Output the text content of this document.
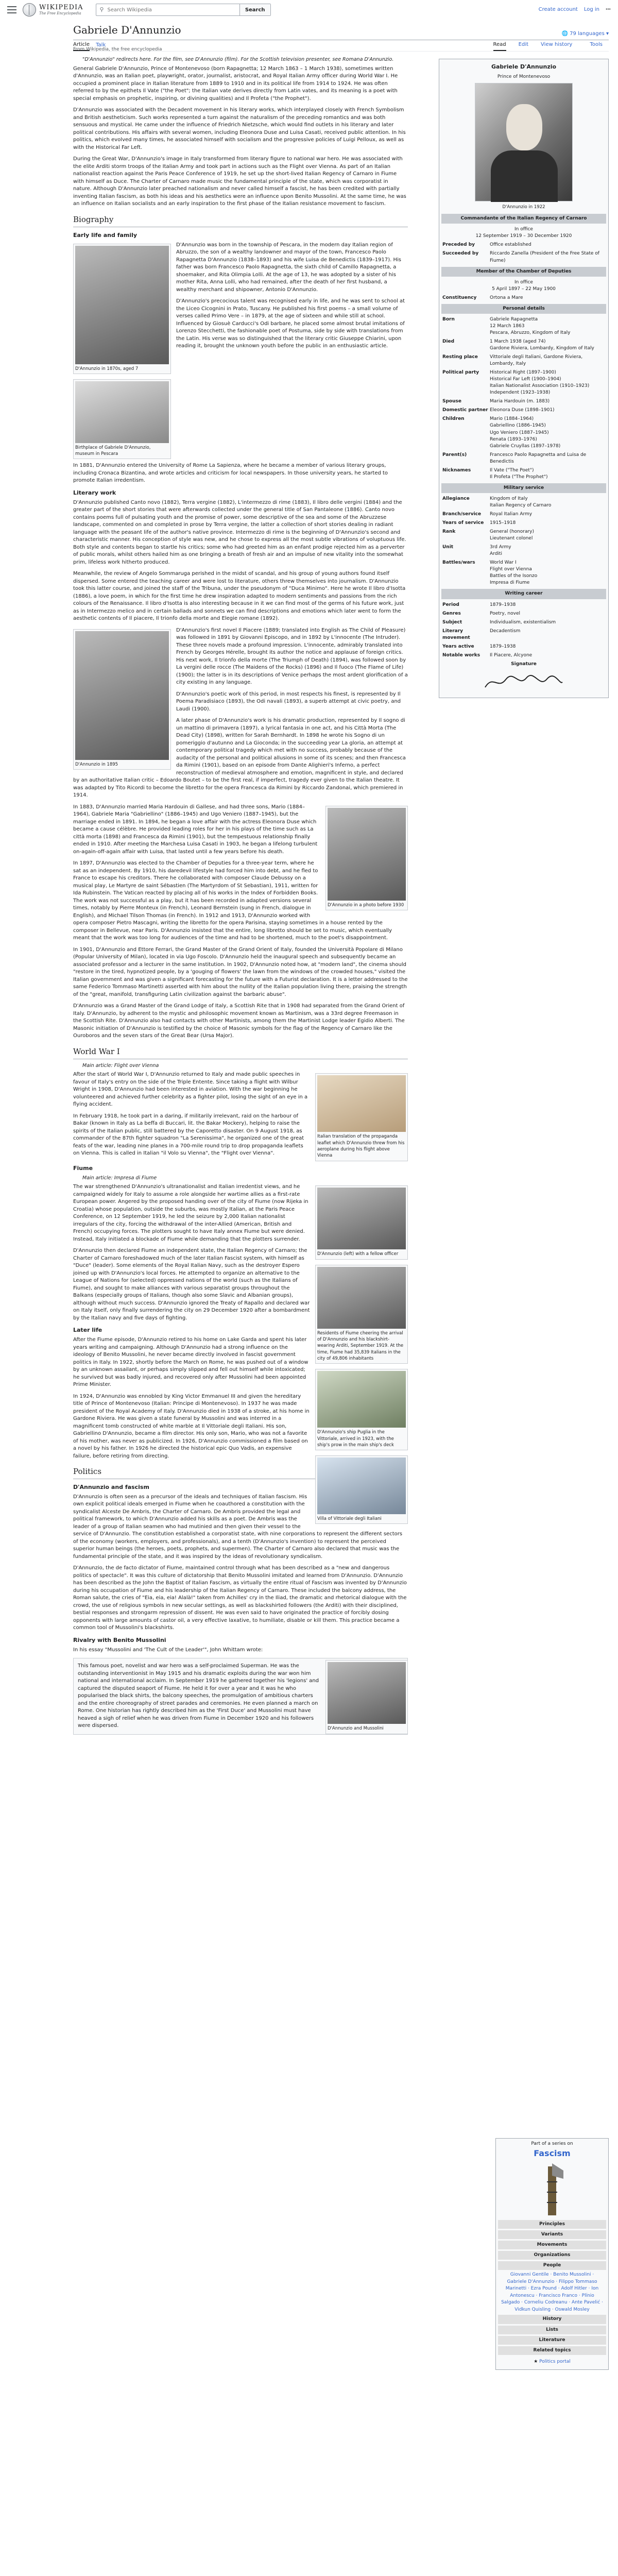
WIKIPEDIA
The Free Encyclopedia
⚲
Search Wikipedia	Search	Create account Log in ⋯
Gabriele D'Annunzio	🌐 79 languages ▾
Article Talk	Read Edit View history	Tools
From Wikipedia, the free encyclopedia
"D'Annunzio" redirects here. For the film, see D'Annunzio (film). For the Scottish television presenter, see Romana D'Annunzio.
Gabriele D'Annunzio
Prince of Montenevoso
D'Annunzio in 1922
Commandante of the Italian Regency of Carnaro
In office
12 September 1919 – 30 December 1920
Preceded by	Office established
Succeeded by	Riccardo Zanella (President of the Free State of Fiume)
Member of the Chamber of Deputies
In office
5 April 1897 – 22 May 1900
Constituency	Ortona a Mare
Personal details
Born	Gabriele Rapagnetta
12 March 1863
Pescara, Abruzzo, Kingdom of Italy
Died	1 March 1938 (aged 74)
Gardone Riviera, Lombardy, Kingdom of Italy
Resting place	Vittoriale degli Italiani, Gardone Riviera, Lombardy, Italy
Political party	Historical Right (1897–1900)
Historical Far Left (1900–1904)
Italian Nationalist Association (1910–1923)
Independent (1923–1938)
Spouse	Maria Hardouin (m. 1883)
Domestic partner Eleonora Duse (1898–1901)
Children	Mario (1884–1964)
Gabriellino (1886–1945)
Ugo Veniero (1887–1945)
Renata (1893–1976)
Gabriele Cruyllas (1897–1978)
Parent(s)	Francesco Paolo Rapagnetta and Luisa de Benedictis
Nicknames	Il Vate ("The Poet")
Il Profeta ("The Prophet")
Military service
Allegiance	Kingdom of Italy
Italian Regency of Carnaro
Branch/service	Royal Italian Army
Years of service	1915–1918
Rank	General (honorary)
Lieutenant colonel
Unit	3rd Army
Arditi
Battles/wars	World War I
Flight over Vienna
Battles of the Isonzo
Impresa di Fiume
Writing career
Period	1879–1938
Genres	Poetry, novel
Subject	Individualism, existentialism
Literary movement
Decadentism
Years active	1879–1938
Notable works	Il Piacere, Alcyone
Signature

General Gabriele D'Annunzio, Prince of Montenevoso (born Rapagnetta; 12 March 1863 – 1 March 1938), sometimes written d'Annunzio, was an Italian poet, playwright, orator, journalist, aristocrat, and Royal Italian Army officer during World War I. He occupied a prominent place in Italian literature from 1889 to 1910 and in its political life from 1914 to 1924. He was often referred to by the epithets Il Vate ("the Poet"; the Italian vate derives directly from Latin vates, and its meaning is a poet with special emphasis on prophetic, inspiring, or divining qualities) and Il Profeta ("the Prophet").

D'Annunzio was associated with the Decadent movement in his literary works, which interplayed closely with French Symbolism and British aestheticism. Such works represented a turn against the naturalism of the preceding romantics and was both sensuous and mystical. He came under the influence of Friedrich Nietzsche, which would find outlets in his literary and later political contributions. His affairs with several women, including Eleonora Duse and Luisa Casati, received public attention. In his politics, which evolved many times, he associated himself with socialism and the progressive policies of Luigi Pelloux, as well as with the Historical Far Left.

During the Great War, D'Annunzio's image in Italy transformed from literary figure to national war hero. He was associated with the elite Arditi storm troops of the Italian Army and took part in actions such as the Flight over Vienna. As part of an Italian nationalist reaction against the Paris Peace Conference of 1919, he set up the short-lived Italian Regency of Carnaro in Fiume with himself as Duce. The Charter of Carnaro made music the fundamental principle of the state, which was corporatist in nature. Although D'Annunzio later preached nationalism and never called himself a fascist, he has been credited with partially inventing Italian fascism, as both his ideas and his aesthetics were an influence upon Benito Mussolini. At the same time, he was an influence on Italian socialists and an early inspiration to the first phase of the Italian resistance movement to fascism.

Biography
Early life and family
D'Annunzio in 1870s, aged 7

D'Annunzio was born in the township of Pescara, in the modern day Italian region of Abruzzo, the son of a wealthy landowner and mayor of the town, Francesco Paolo Rapagnetta D'Annunzio (1838–1893) and his wife Luisa de Benedictis (1839–1917). His father was born Francesco Paolo Rapagnetta, the sixth child of Camillo Rapagnetta, a shoemaker, and Rita Olimpia Lolli. At the age of 13, he was adopted by a sister of his mother Rita, Anna Lolli, who had remained, after the death of her first husband, a wealthy merchant and shipowner, Antonio D'Annunzio.

Birthplace of Gabriele D'Annunzio, museum in Pescara

D'Annunzio's precocious talent was recognised early in life, and he was sent to school at the Liceo Cicognini in Prato, Tuscany. He published his first poems – a small volume of verses called Primo Vere – in 1879, at the age of sixteen and while still at school. Influenced by Giosuè Carducci's Odi barbare, he placed some almost brutal imitations of Lorenzo Stecchetti, the fashionable poet of Postuma, side by side with translations from the Latin. His verse was so distinguished that the literary critic Giuseppe Chiarini, upon reading it, brought the unknown youth before the public in an enthusiastic article.

In 1881, D'Annunzio entered the University of Rome La Sapienza, where he became a member of various literary groups, including Cronaca Bizantina, and wrote articles and criticism for local newspapers. In those university years, he started to promote Italian irredentism.

Literary work

D'Annunzio published Canto novo (1882), Terra vergine (1882), L'intermezzo di rime (1883), Il libro delle vergini (1884) and the greater part of the short stories that were afterwards collected under the general title of San Pantaleone (1886). Canto novo contains poems full of pulsating youth and the promise of power, some descriptive of the sea and some of the Abruzzese landscape, commented on and completed in prose by Terra vergine, the latter a collection of short stories dealing in radiant language with the peasant life of the author's native province. Intermezzo di rime is the beginning of D'Annunzio's second and characteristic manner. His conception of style was new, and he chose to express all the most subtle vibrations of voluptuous life. Both style and contents began to startle his critics; some who had greeted him as an enfant prodige rejected him as a perverter of public morals, whilst others hailed him as one bringing a breath of fresh air and an impulse of new vitality into the somewhat prim, lifeless work hitherto produced.

Meanwhile, the review of Angelo Sommaruga perished in the midst of scandal, and his group of young authors found itself dispersed. Some entered the teaching career and were lost to literature, others threw themselves into journalism. D'Annunzio took this latter course, and joined the staff of the Tribuna, under the pseudonym of "Duca Minimo". Here he wrote Il libro d'Isotta (1886), a love poem, in which for the first time he drew inspiration adapted to modern sentiments and passions from the rich colours of the Renaissance. Il libro d'Isotta is also interesting because in it we can find most of the germs of his future work, just as in Intermezzo melico and in certain ballads and sonnets we can find descriptions and emotions which later went to form the aesthetic contents of Il piacere, Il trionfo della morte and Elegie romane (1892).

D'Annunzio in 1895

D'Annunzio's first novel Il Piacere (1889; translated into English as The Child of Pleasure) was followed in 1891 by Giovanni Episcopo, and in 1892 by L'innocente (The Intruder). These three novels made a profound impression. L'innocente, admirably translated into French by Georges Hérelle, brought its author the notice and applause of foreign critics. His next work, Il trionfo della morte (The Triumph of Death) (1894), was followed soon by La vergini delle rocce (The Maidens of the Rocks) (1896) and Il fuoco (The Flame of Life) (1900); the latter is in its descriptions of Venice perhaps the most ardent glorification of a city existing in any language.

D'Annunzio's poetic work of this period, in most respects his finest, is represented by Il Poema Paradisiaco (1893), the Odi navali (1893), a superb attempt at civic poetry, and Laudi (1900).

A later phase of D'Annunzio's work is his dramatic production, represented by Il sogno di un mattino di primavera (1897), a lyrical fantasia in one act, and his Città Morta (The Dead City) (1898), written for Sarah Bernhardt. In 1898 he wrote his Sogno di un pomeriggio d'autunno and La Gioconda; in the succeeding year La gloria, an attempt at contemporary political tragedy which met with no success, probably because of the audacity of the personal and political allusions in some of its scenes; and then Francesca da Rimini (1901), based on an episode from Dante Alighieri's Inferno, a perfect reconstruction of medieval atmosphere and emotion, magnificent in style, and declared by an authoritative Italian critic – Edoardo Boutet – to be the first real, if imperfect, tragedy ever given to the Italian theatre. It was adapted by Tito Ricordi to become the libretto for the opera Francesca da Rimini by Riccardo Zandonai, which premiered in 1914.

D'Annunzio in a photo before 1930

In 1883, D'Annunzio married Maria Hardouin di Gallese, and had three sons, Mario (1884–1964), Gabriele Maria "Gabriellino" (1886–1945) and Ugo Veniero (1887–1945), but the marriage ended in 1891. In 1894, he began a love affair with the actress Eleonora Duse which became a cause célèbre. He provided leading roles for her in his plays of the time such as La città morta (1898) and Francesca da Rimini (1901), but the tempestuous relationship finally ended in 1910. After meeting the Marchesa Luisa Casati in 1903, he began a lifelong turbulent on-again-off-again affair with Luisa, that lasted until a few years before his death.

In 1897, D'Annunzio was elected to the Chamber of Deputies for a three-year term, where he sat as an independent. By 1910, his daredevil lifestyle had forced him into debt, and he fled to France to escape his creditors. There he collaborated with composer Claude Debussy on a musical play, Le Martyre de saint Sébastien (The Martyrdom of St Sebastian), 1911, written for Ida Rubinstein. The Vatican reacted by placing all of his works in the Index of Forbidden Books. The work was not successful as a play, but it has been recorded in adapted versions several times, notably by Pierre Monteux (in French), Leonard Bernstein (sung in French, dialogue in English), and Michael Tilson Thomas (in French). In 1912 and 1913, D'Annunzio worked with opera composer Pietro Mascagni, writing the libretto for the opera Parisina, staying sometimes in a house rented by the composer in Bellevue, near Paris. D'Annunzio insisted that the entire, long libretto should be set to music, which eventually meant that the work was too long for audiences of the time and had to be shortened, much to the poet's disappointment.

In 1901, D'Annunzio and Ettore Ferrari, the Grand Master of the Grand Orient of Italy, founded the Università Popolare di Milano (Popular University of Milan), located in via Ugo Foscolo. D'Annunzio held the inaugural speech and subsequently became an associated professor and a lecturer in the same institution. In 1902, D'Annunzio noted how, at "modern land", the cinema should "restore in the tired, hypnotized people, by a 'gouging of flowers' the lawn from the windows of the crowded houses," visited the Italian government and was given a significant forecasting for the future with a Futurist declaration. It is a letter addressed to the same Federico Tommaso Martinetti asserted with him about the nullity of the Italian population living there, praising the strength of the "great, manifold, transfiguring Latin civilization against the barbaric abuse".

D'Annunzio was a Grand Master of the Grand Lodge of Italy, a Scottish Rite that in 1908 had separated from the Grand Orient of Italy. D'Annunzio, by adherent to the mystic and philosophic movement known as Martinism, was a 33rd degree Freemason in the Scottish Rite. D'Annunzio also had contacts with other Martinists, among them the Martinist Lodge leader Egidio Alberti. The Masonic initiation of D'Annunzio is testified by the choice of Masonic symbols for the flag of the Regency of Carnaro like the Ouroboros and the seven stars of the Great Bear (Ursa Major).

World War I
Main article: Flight over Vienna
Italian translation of the propaganda leaflet which D'Annunzio threw from his aeroplane during his flight above Vienna

After the start of World War I, D'Annunzio returned to Italy and made public speeches in favour of Italy's entry on the side of the Triple Entente. Since taking a flight with Wilbur Wright in 1908, D'Annunzio had been interested in aviation. With the war beginning he volunteered and achieved further celebrity as a fighter pilot, losing the sight of an eye in a flying accident.

In February 1918, he took part in a daring, if militarily irrelevant, raid on the harbour of Bakar (known in Italy as La beffa di Buccari, lit. the Bakar Mockery), helping to raise the spirits of the Italian public, still battered by the Caporetto disaster. On 9 August 1918, as commander of the 87th fighter squadron "La Serenissima", he organized one of the great feats of the war, leading nine planes in a 700-mile round trip to drop propaganda leaflets on Vienna. This is called in Italian "il Volo su Vienna", the "Flight over Vienna".

Fiume
Main article: Impresa di Fiume
D'Annunzio (left) with a fellow officer

The war strengthened D'Annunzio's ultranationalist and Italian irredentist views, and he campaigned widely for Italy to assume a role alongside her wartime allies as a first-rate European power. Angered by the proposed handing over of the city of Fiume (now Rijeka in Croatia) whose population, outside the suburbs, was mostly Italian, at the Paris Peace Conference, on 12 September 1919, he led the seizure by 2,000 Italian nationalist irregulars of the city, forcing the withdrawal of the inter-Allied (American, British and French) occupying forces. The plotters sought to have Italy annex Fiume but were denied. Instead, Italy initiated a blockade of Fiume while demanding that the plotters surrender.

Residents of Fiume cheering the arrival of D'Annunzio and his blackshirt-wearing Arditi, September 1919. At the time, Fiume had 35,839 Italians in the city of 49,806 inhabitants

D'Annunzio then declared Fiume an independent state, the Italian Regency of Carnaro; the Charter of Carnaro foreshadowed much of the later Italian Fascist system, with himself as "Duce" (leader). Some elements of the Royal Italian Navy, such as the destroyer Espero joined up with D'Annunzio's local forces. He attempted to organize an alternative to the League of Nations for (selected) oppressed nations of the world (such as the Italians of Fiume), and sought to make alliances with various separatist groups throughout the Balkans (especially groups of Italians, though also some Slavic and Albanian groups), although without much success. D'Annunzio ignored the Treaty of Rapallo and declared war on Italy itself, only finally surrendering the city on 29 December 1920 after a bombardment by the Italian navy and five days of fighting.

Later life
D'Annunzio's ship Puglia in the Vittoriale, arrived in 1923, with the ship's prow in the main ship's deck

After the Fiume episode, D'Annunzio retired to his home on Lake Garda and spent his later years writing and campaigning. Although D'Annunzio had a strong influence on the ideology of Benito Mussolini, he never became directly involved in fascist government politics in Italy. In 1922, shortly before the March on Rome, he was pushed out of a window by an unknown assailant, or perhaps simply slipped and fell out himself while intoxicated; he survived but was badly injured, and recovered only after Mussolini had been appointed Prime Minister.

Villa of Vittoriale degli Italiani

In 1924, D'Annunzio was ennobled by King Victor Emmanuel III and given the hereditary title of Prince of Montenevoso (Italian: Principe di Montenevoso). In 1937 he was made president of the Royal Academy of Italy. D'Annunzio died in 1938 of a stroke, at his home in Gardone Riviera. He was given a state funeral by Mussolini and was interred in a magnificent tomb constructed of white marble at Il Vittoriale degli Italiani. His son, Gabriellino D'Annunzio, became a film director. His only son, Mario, who was not a favorite of his mother, was never as publicized. In 1926, D'Annunzio commissioned a film based on a novel by his father. In 1926 he directed the historical epic Quo Vadis, an expensive failure, before retiring from directing.

Politics
D'Annunzio and fascism

D'Annunzio is often seen as a precursor of the ideals and techniques of Italian fascism. His own explicit political ideals emerged in Fiume when he coauthored a constitution with the syndicalist Alceste De Ambris, the Charter of Carnaro. De Ambris provided the legal and political framework, to which D'Annunzio added his skills as a poet. De Ambris was the leader of a group of Italian seamen who had mutinied and then given their vessel to the service of D'Annunzio. The constitution established a corporatist state, with nine corporations to represent the different sectors of the economy (workers, employers, and professionals), and a tenth (D'Annunzio's invention) to represent the perceived superior human beings (the heroes, poets, prophets, and supermen). The Charter of Carnaro also declared that music was the fundamental principle of the state, and it was inspired by the ideas of revolutionary syndicalism.

D'Annunzio, the de facto dictator of Fiume, maintained control through what has been described as a "new and dangerous politics of spectacle". It was this culture of dictatorship that Benito Mussolini imitated and learned from D'Annunzio. D'Annunzio has been described as the John the Baptist of Italian Fascism, as virtually the entire ritual of Fascism was invented by D'Annunzio during his occupation of Fiume and his leadership of the Italian Regency of Carnaro. These included the balcony address, the Roman salute, the cries of "Eia, eia, eia! Alalà!" taken from Achilles' cry in the Iliad, the dramatic and rhetorical dialogue with the crowd, the use of religious symbols in new secular settings, as well as blackshirted followers (the Arditi) with their disciplined, bestial responses and strongarm repression of dissent. He was even said to have originated the practice of forcibly dosing opponents with large amounts of castor oil, a very effective laxative, to humiliate, disable or kill them. This practice became a common tool of Mussolini's blackshirts.

Rivalry with Benito Mussolini

In his essay "Mussolini and 'The Cult of the Leader'", John Whittam wrote:

D'Annunzio and Mussolini

This famous poet, novelist and war hero was a self-proclaimed Superman. He was the outstanding interventionist in May 1915 and his dramatic exploits during the war won him national and international acclaim. In September 1919 he gathered together his 'legions' and captured the disputed seaport of Fiume. He held it for over a year and it was he who popularised the black shirts, the balcony speeches, the promulgation of ambitious charters and the entire choreography of street parades and ceremonies. He even planned a march on Rome. One historian has rightly described him as the 'First Duce' and Mussolini must have heaved a sigh of relief when he was driven from Fiume in December 1920 and his followers were dispersed.

Part of a series on
Fascism
Principles
Variants
Movements
Organizations
People
Giovanni Gentile · Benito Mussolini · Gabriele D'Annunzio · Filippo Tommaso Marinetti · Ezra Pound · Adolf Hitler · Ion Antonescu · Francisco Franco · Plínio Salgado · Corneliu Codreanu · Ante Pavelić · Vidkun Quisling · Oswald Mosley
History
Lists
Literature
Related topics
★ Politics portal
